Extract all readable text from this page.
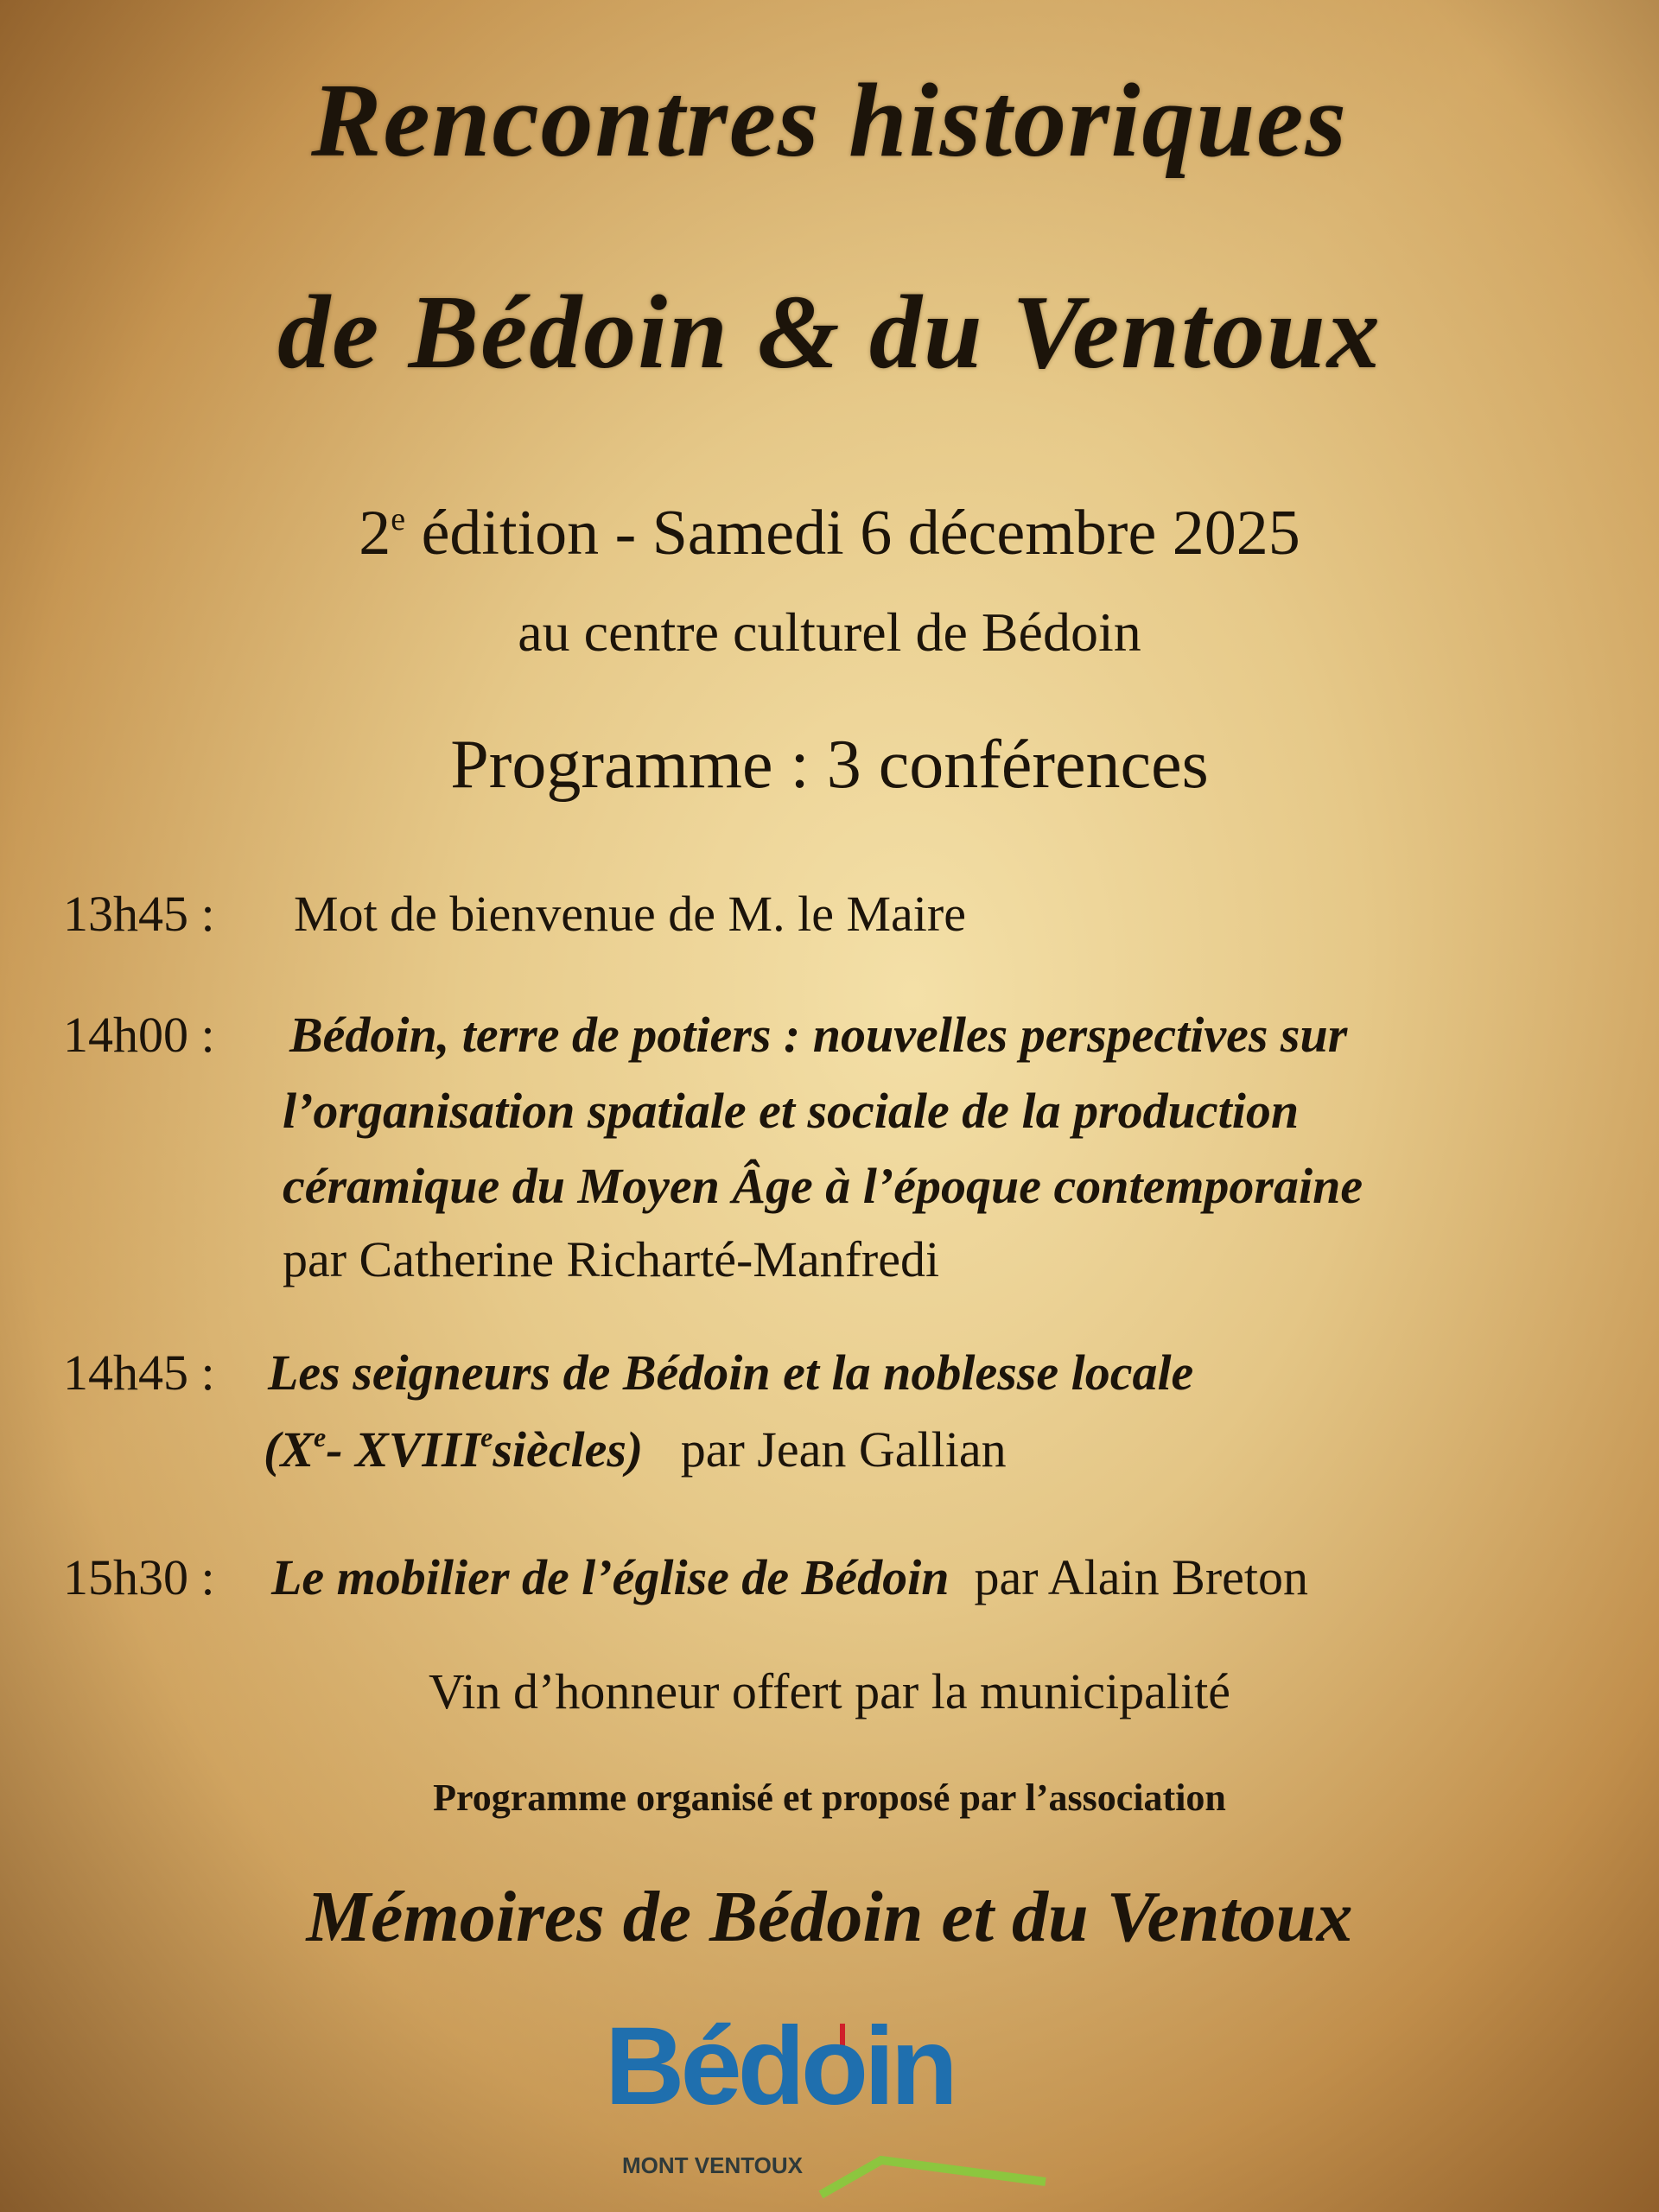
Rencontres historiques
de Bédoin & du Ventoux
2e édition - Samedi 6 décembre 2025
au centre culturel de Bédoin
Programme : 3 conférences
13h45 : Mot de bienvenue de M. le Maire
14h00 : Bédoin, terre de potiers : nouvelles perspectives sur
l’organisation spatiale et sociale de la production
céramique du Moyen Âge à l’époque contemporaine
par Catherine Richarté-Manfredi
14h45 : Les seigneurs de Bédoin et la noblesse locale
(Xe- XVIIIesiècles) par Jean Gallian
15h30 : Le mobilier de l’église de Bédoin par Alain Breton
Vin d’honneur offert par la municipalité
Programme organisé et proposé par l’association
Mémoires de Bédoin et du Ventoux
Bédoin
MONT VENTOUX
